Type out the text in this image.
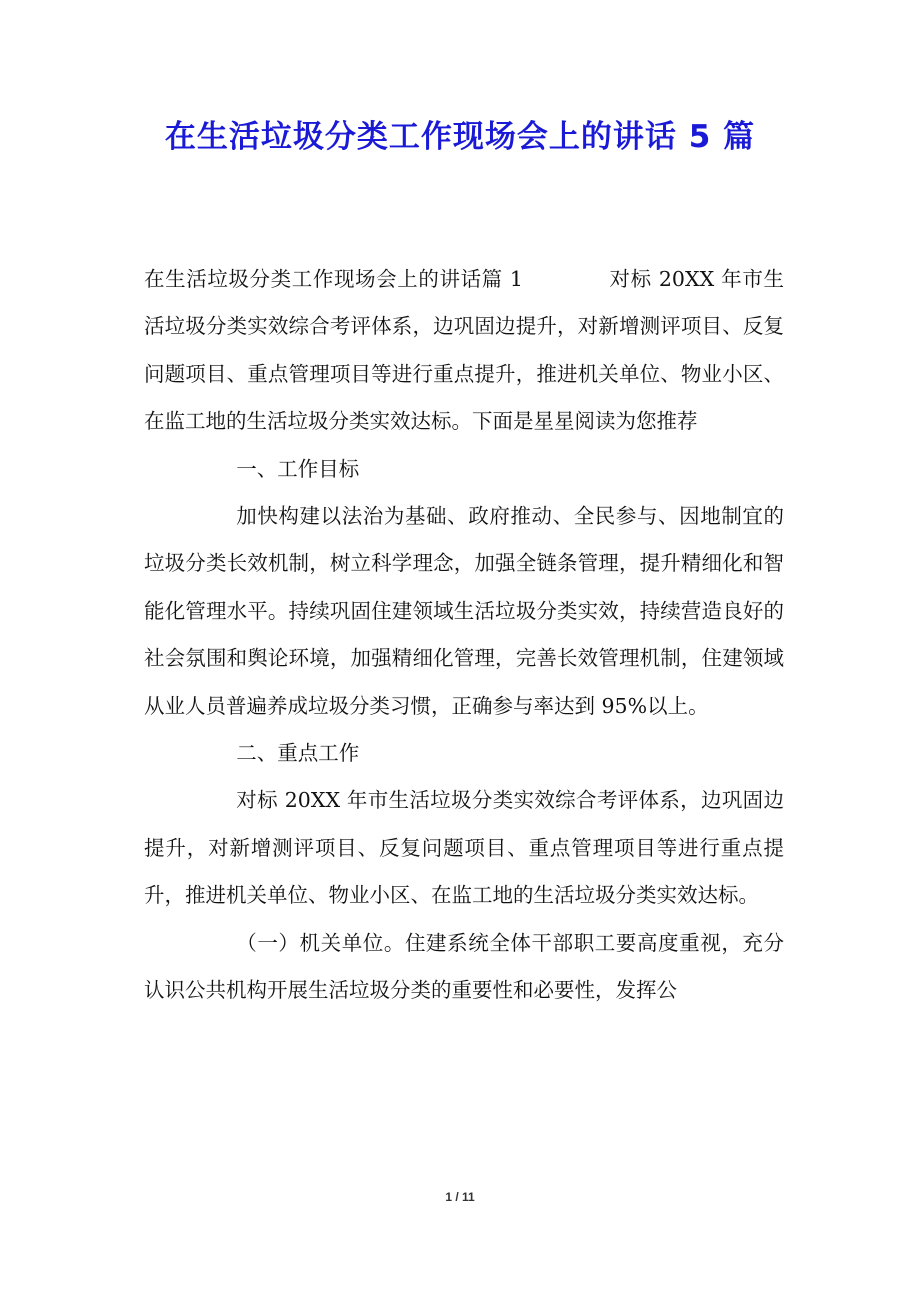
在生活垃圾分类工作现场会上的讲话 5 篇

在生活垃圾分类工作现场会上的讲话篇 1	对标 20XX 年市生活垃圾分类实效综合考评体系，边巩固边提升，对新增测评项目、反复问题项目、重点管理项目等进行重点提升，推进机关单位、物业小区、在监工地的生活垃圾分类实效达标。下面是星星阅读为您推荐

一、工作目标

加快构建以法治为基础、政府推动、全民参与、因地制宜的垃圾分类长效机制，树立科学理念，加强全链条管理，提升精细化和智能化管理水平。持续巩固住建领域生活垃圾分类实效，持续营造良好的社会氛围和舆论环境，加强精细化管理，完善长效管理机制，住建领域从业人员普遍养成垃圾分类习惯，正确参与率达到 95%以上。

二、重点工作

对标 20XX 年市生活垃圾分类实效综合考评体系，边巩固边提升，对新增测评项目、反复问题项目、重点管理项目等进行重点提升，推进机关单位、物业小区、在监工地的生活垃圾分类实效达标。

（一）机关单位。住建系统全体干部职工要高度重视，充分认识公共机构开展生活垃圾分类的重要性和必要性，发挥公

1 / 11
